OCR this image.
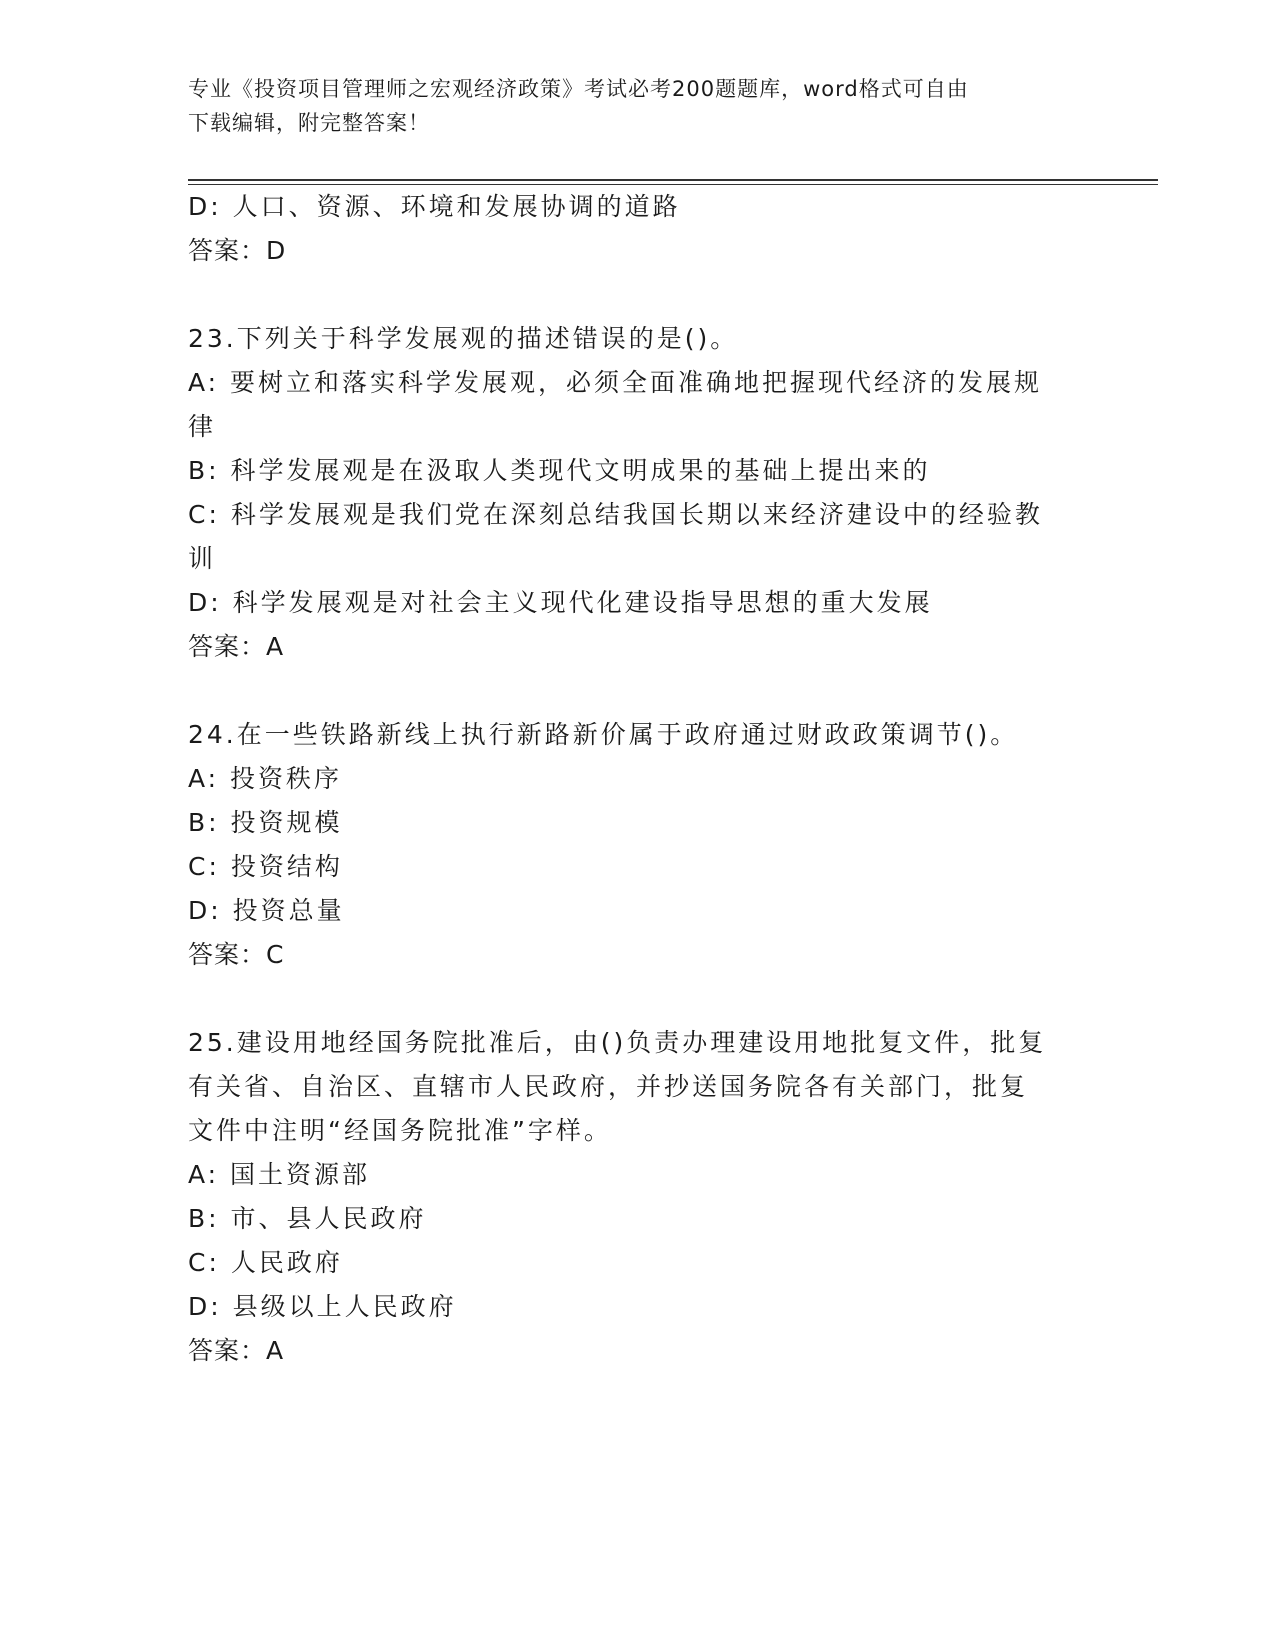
专业《投资项目管理师之宏观经济政策》考试必考200题题库，word格式可自由
下载编辑，附完整答案！
D: 人口、资源、环境和发展协调的道路
答案：D
23.下列关于科学发展观的描述错误的是()。
A: 要树立和落实科学发展观，必须全面准确地把握现代经济的发展规
律
B: 科学发展观是在汲取人类现代文明成果的基础上提出来的
C: 科学发展观是我们党在深刻总结我国长期以来经济建设中的经验教
训
D: 科学发展观是对社会主义现代化建设指导思想的重大发展
答案：A
24.在一些铁路新线上执行新路新价属于政府通过财政政策调节()。
A: 投资秩序
B: 投资规模
C: 投资结构
D: 投资总量
答案：C
25.建设用地经国务院批准后，由()负责办理建设用地批复文件，批复
有关省、自治区、直辖市人民政府，并抄送国务院各有关部门，批复
文件中注明“经国务院批准”字样。
A: 国土资源部
B: 市、县人民政府
C: 人民政府
D: 县级以上人民政府
答案：A
